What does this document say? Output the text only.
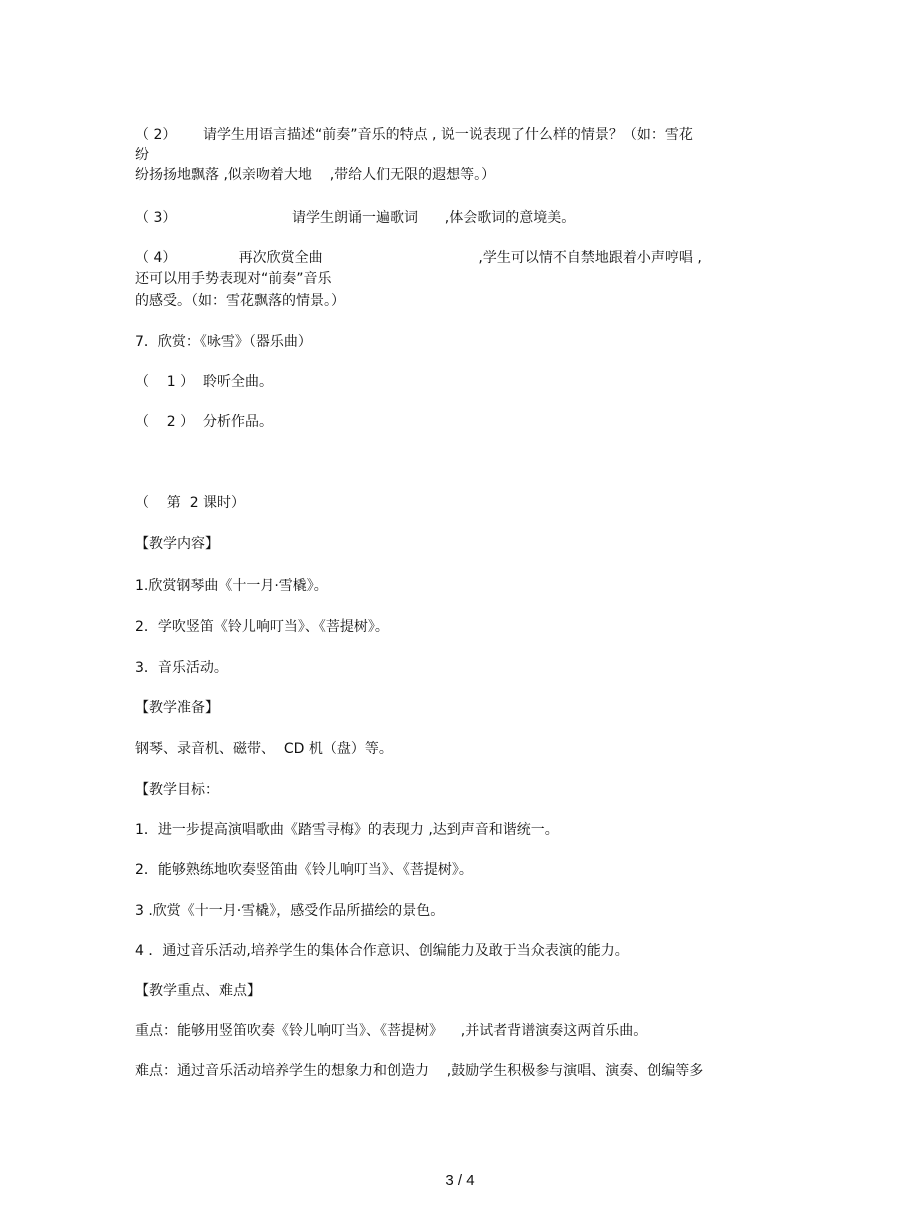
（ 2）      请学生用语言描述“前奏”音乐的特点 , 说一说表现了什么样的情景？（如：雪花
纷
纷扬扬地飘落 ,似亲吻着大地    ,带给人们无限的遐想等。）
（ 3）                          请学生朗诵一遍歌词      ,体会歌词的意境美。
（ 4）              再次欣赏全曲                                   ,学生可以情不自禁地跟着小声哼唱 ,
还可以用手势表现对“前奏”音乐
的感受。（如：雪花飘落的情景。）
7．欣赏：《咏雪》（器乐曲）
（    1 ）  聆听全曲。
（    2 ）  分析作品。
（    第  2 课时）
【教学内容】
1.欣赏钢琴曲《十一月·雪橇》。
2．学吹竖笛《铃儿响叮当》、《菩提树》。
3．音乐活动。
【教学准备】
钢琴、录音机、磁带、  CD 机（盘）等。
【教学目标：
1．进一步提高演唱歌曲《踏雪寻梅》的表现力 ,达到声音和谐统一。
2．能够熟练地吹奏竖笛曲《铃儿响叮当》、《菩提树》。
3 .欣赏《十一月·雪橇》，感受作品所描绘的景色。
4 ．通过音乐活动,培养学生的集体合作意识、创编能力及敢于当众表演的能力。
【教学重点、难点】
重点：能够用竖笛吹奏《铃儿响叮当》、《菩提树》    ,并试者背谱演奏这两首乐曲。
难点：通过音乐活动培养学生的想象力和创造力    ,鼓励学生积极参与演唱、演奏、创编等多
3 / 4
